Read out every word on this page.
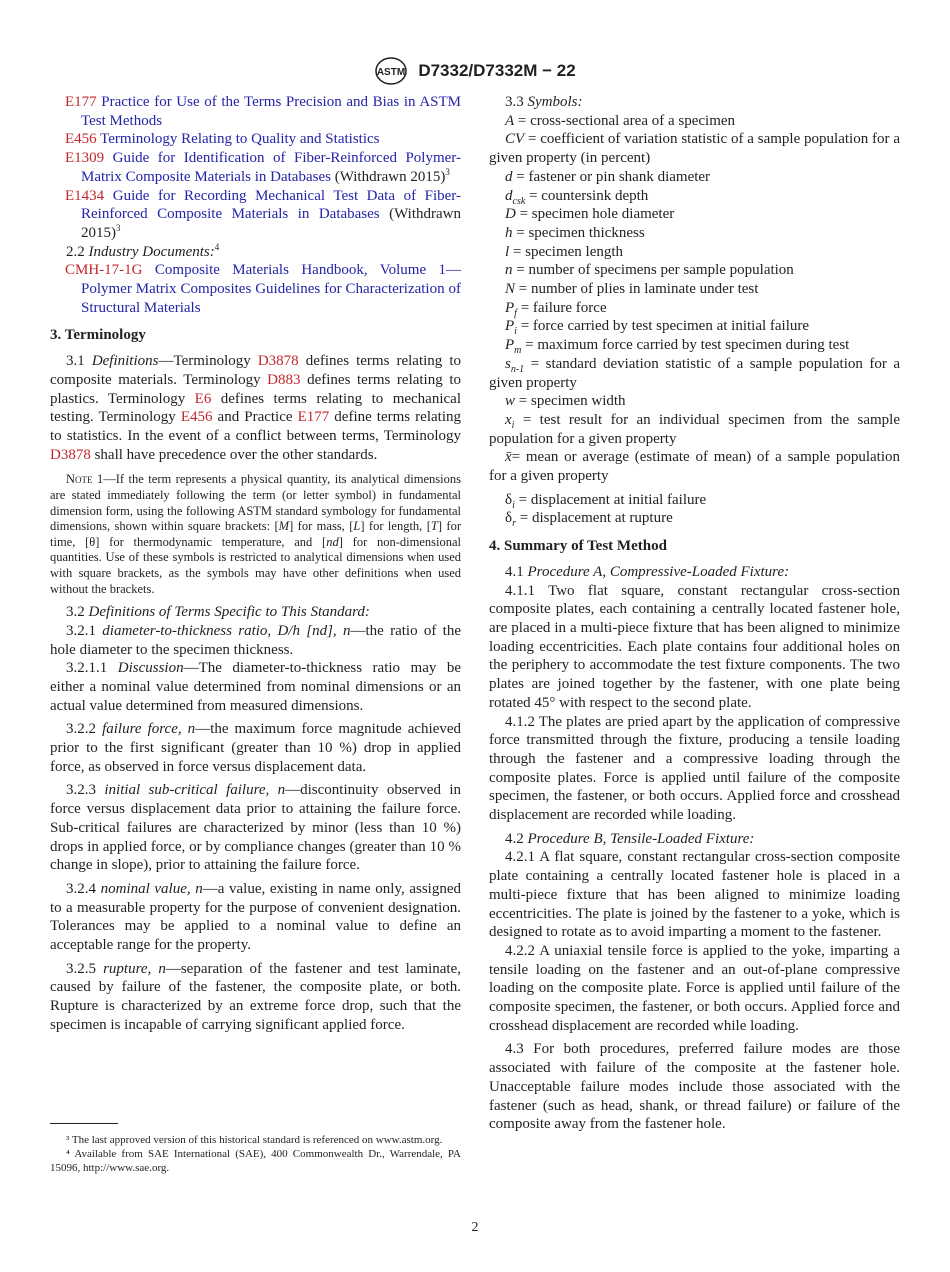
ASTM D7332/D7332M − 22
E177 Practice for Use of the Terms Precision and Bias in ASTM Test Methods
E456 Terminology Relating to Quality and Statistics
E1309 Guide for Identification of Fiber-Reinforced Polymer-Matrix Composite Materials in Databases (Withdrawn 2015)$^3$
E1434 Guide for Recording Mechanical Test Data of Fiber-Reinforced Composite Materials in Databases (Withdrawn 2015)$^3$
2.2 Industry Documents:$^4$
CMH-17-1G Composite Materials Handbook, Volume 1—Polymer Matrix Composites Guidelines for Characterization of Structural Materials
3. Terminology
3.1 Definitions—Terminology D3878 defines terms relating to composite materials. Terminology D883 defines terms relating to plastics. Terminology E6 defines terms relating to mechanical testing. Terminology E456 and Practice E177 define terms relating to statistics. In the event of a conflict between terms, Terminology D3878 shall have precedence over the other standards.
Note 1—If the term represents a physical quantity, its analytical dimensions are stated immediately following the term (or letter symbol) in fundamental dimension form, using the following ASTM standard symbology for fundamental dimensions, shown within square brackets: [M] for mass, [L] for length, [T] for time, [θ] for thermodynamic temperature, and [nd] for non-dimensional quantities. Use of these symbols is restricted to analytical dimensions when used with square brackets, as the symbols may have other definitions when used without the brackets.
3.2 Definitions of Terms Specific to This Standard:
3.2.1 diameter-to-thickness ratio, D/h [nd], n—the ratio of the hole diameter to the specimen thickness.
3.2.1.1 Discussion—The diameter-to-thickness ratio may be either a nominal value determined from nominal dimensions or an actual value determined from measured dimensions.
3.2.2 failure force, n—the maximum force magnitude achieved prior to the first significant (greater than 10 %) drop in applied force, as observed in force versus displacement data.
3.2.3 initial sub-critical failure, n—discontinuity observed in force versus displacement data prior to attaining the failure force. Sub-critical failures are characterized by minor (less than 10 %) drops in applied force, or by compliance changes (greater than 10 % change in slope), prior to attaining the failure force.
3.2.4 nominal value, n—a value, existing in name only, assigned to a measurable property for the purpose of convenient designation. Tolerances may be applied to a nominal value to define an acceptable range for the property.
3.2.5 rupture, n—separation of the fastener and test laminate, caused by failure of the fastener, the composite plate, or both. Rupture is characterized by an extreme force drop, such that the specimen is incapable of carrying significant applied force.
3.3 Symbols:
A = cross-sectional area of a specimen
CV = coefficient of variation statistic of a sample population for a given property (in percent)
d = fastener or pin shank diameter
$d_{csk}$ = countersink depth
D = specimen hole diameter
h = specimen thickness
l = specimen length
n = number of specimens per sample population
N = number of plies in laminate under test
$P_f$ = failure force
$P_i$ = force carried by test specimen at initial failure
$P_m$ = maximum force carried by test specimen during test
$s_{n-1}$ = standard deviation statistic of a sample population for a given property
w = specimen width
$x_i$ = test result for an individual specimen from the sample population for a given property
x̄= mean or average (estimate of mean) of a sample population for a given property
$\delta_i$ = displacement at initial failure
$\delta_r$ = displacement at rupture
4. Summary of Test Method
4.1 Procedure A, Compressive-Loaded Fixture:
4.1.1 Two flat square, constant rectangular cross-section composite plates, each containing a centrally located fastener hole, are placed in a multi-piece fixture that has been aligned to minimize loading eccentricities. Each plate contains four additional holes on the periphery to accommodate the test fixture components. The two plates are joined together by the fastener, with one plate being rotated 45° with respect to the second plate.
4.1.2 The plates are pried apart by the application of compressive force transmitted through the fixture, producing a tensile loading through the fastener and a compressive loading through the composite plates. Force is applied until failure of the composite specimen, the fastener, or both occurs. Applied force and crosshead displacement are recorded while loading.
4.2 Procedure B, Tensile-Loaded Fixture:
4.2.1 A flat square, constant rectangular cross-section composite plate containing a centrally located fastener hole is placed in a multi-piece fixture that has been aligned to minimize loading eccentricities. The plate is joined by the fastener to a yoke, which is designed to rotate as to avoid imparting a moment to the fastener.
4.2.2 A uniaxial tensile force is applied to the yoke, imparting a tensile loading on the fastener and an out-of-plane compressive loading on the composite plate. Force is applied until failure of the composite specimen, the fastener, or both occurs. Applied force and crosshead displacement are recorded while loading.
4.3 For both procedures, preferred failure modes are those associated with failure of the composite at the fastener hole. Unacceptable failure modes include those associated with the fastener (such as head, shank, or thread failure) or failure of the composite away from the fastener hole.
³ The last approved version of this historical standard is referenced on www.astm.org.
⁴ Available from SAE International (SAE), 400 Commonwealth Dr., Warrendale, PA 15096, http://www.sae.org.
2
